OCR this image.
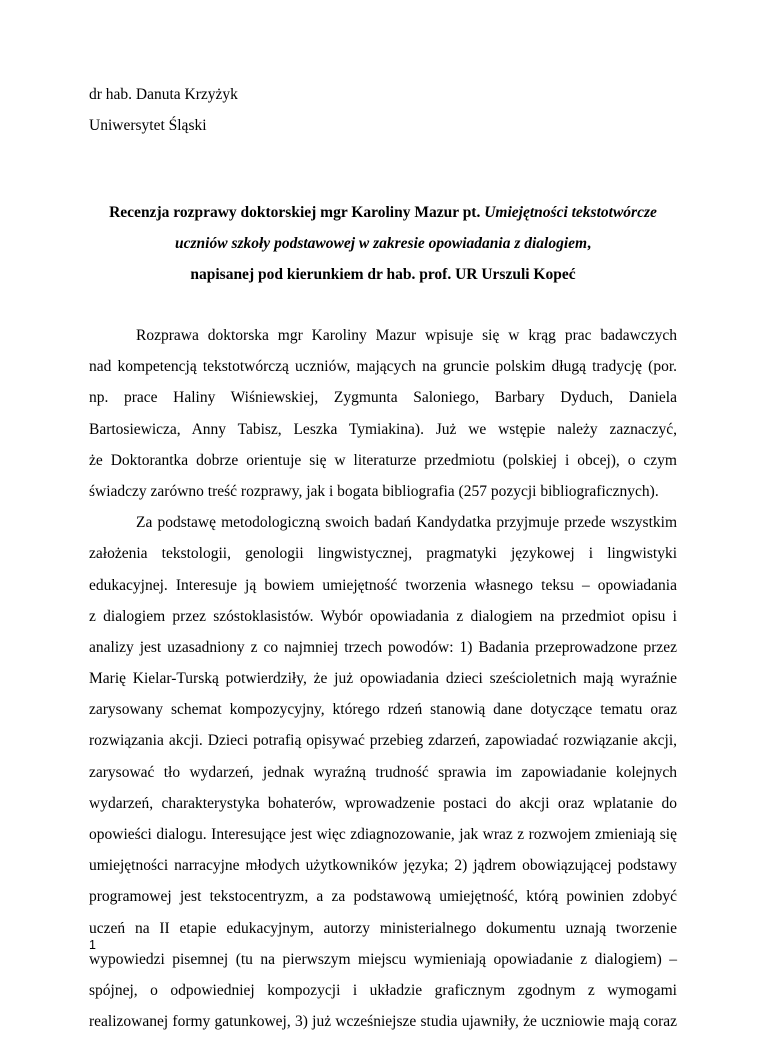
dr hab. Danuta Krzyżyk
Uniwersytet Śląski
Recenzja rozprawy doktorskiej mgr Karoliny Mazur pt. Umiejętności tekstotwórcze
uczniów szkoły podstawowej w zakresie opowiadania z dialogiem,
napisanej pod kierunkiem dr hab. prof. UR Urszuli Kopeć
Rozprawa doktorska mgr Karoliny Mazur wpisuje się w krąg prac badawczych
nad kompetencją tekstotwórczą uczniów, mających na gruncie polskim długą tradycję (por.
np. prace Haliny Wiśniewskiej, Zygmunta Saloniego, Barbary Dyduch, Daniela
Bartosiewicza, Anny Tabisz, Leszka Tymiakina). Już we wstępie należy zaznaczyć,
że Doktorantka dobrze orientuje się w literaturze przedmiotu (polskiej i obcej), o czym
świadczy zarówno treść rozprawy, jak i bogata bibliografia (257 pozycji bibliograficznych).
Za podstawę metodologiczną swoich badań Kandydatka przyjmuje przede wszystkim
założenia tekstologii, genologii lingwistycznej, pragmatyki językowej i lingwistyki
edukacyjnej. Interesuje ją bowiem umiejętność tworzenia własnego teksu – opowiadania
z dialogiem przez szóstoklasistów. Wybór opowiadania z dialogiem na przedmiot opisu i
analizy jest uzasadniony z co najmniej trzech powodów: 1) Badania przeprowadzone przez
Marię Kielar-Turską potwierdziły, że już opowiadania dzieci sześcioletnich mają wyraźnie
zarysowany schemat kompozycyjny, którego rdzeń stanowią dane dotyczące tematu oraz
rozwiązania akcji. Dzieci potrafią opisywać przebieg zdarzeń, zapowiadać rozwiązanie akcji,
zarysować tło wydarzeń, jednak wyraźną trudność sprawia im zapowiadanie kolejnych
wydarzeń, charakterystyka bohaterów, wprowadzenie postaci do akcji oraz wplatanie do
opowieści dialogu. Interesujące jest więc zdiagnozowanie, jak wraz z rozwojem zmieniają się
umiejętności narracyjne młodych użytkowników języka; 2) jądrem obowiązującej podstawy
programowej jest tekstocentryzm, a za podstawową umiejętność, którą powinien zdobyć
uczeń na II etapie edukacyjnym, autorzy ministerialnego dokumentu uznają tworzenie
wypowiedzi pisemnej (tu na pierwszym miejscu wymieniają opowiadanie z dialogiem) –
spójnej, o odpowiedniej kompozycji i układzie graficznym zgodnym z wymogami
realizowanej formy gatunkowej, 3) już wcześniejsze studia ujawniły, że uczniowie mają coraz
1
